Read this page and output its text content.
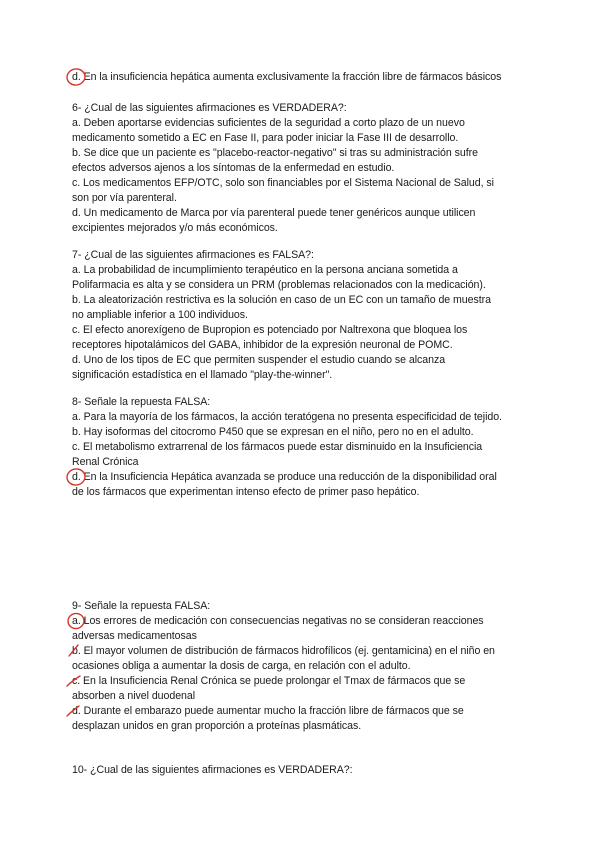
d. En la insuficiencia hepática aumenta exclusivamente la fracción libre de fármacos básicos
6- ¿Cual de las siguientes afirmaciones es VERDADERA?:
a. Deben aportarse evidencias suficientes de la seguridad a corto plazo de un nuevo
medicamento sometido a EC en Fase II, para poder iniciar la Fase III de desarrollo.
b. Se dice que un paciente es "placebo-reactor-negativo" si tras su administración sufre
efectos adversos ajenos a los síntomas de la enfermedad en estudio.
c. Los medicamentos EFP/OTC, solo son financiables por el Sistema Nacional de Salud, si
son por vía parenteral.
d. Un medicamento de Marca por vía parenteral puede tener genéricos aunque utilicen
excipientes mejorados y/o más económicos.
7- ¿Cual de las siguientes afirmaciones es FALSA?:
a. La probabilidad de incumplimiento terapéutico en la persona anciana sometida a
Polifarmacia es alta y se considera un PRM (problemas relacionados con la medicación).
b. La aleatorización restrictiva es la solución en caso de un EC con un tamaño de muestra
no ampliable inferior a 100 individuos.
c. El efecto anorexígeno de Bupropion es potenciado por Naltrexona que bloquea los
receptores hipotalámicos del GABA, inhibidor de la expresión neuronal de POMC.
d. Uno de los tipos de EC que permiten suspender el estudio cuando se alcanza
significación estadística en el llamado "play-the-winner".
8- Señale la repuesta FALSA:
a. Para la mayoría de los fármacos, la acción teratógena no presenta especificidad de tejido.
b. Hay isoformas del citocromo P450 que se expresan en el niño, pero no en el adulto.
c. El metabolismo extrarrenal de los fármacos puede estar disminuido en la Insuficiencia
Renal Crónica
d. En la Insuficiencia Hepática avanzada se produce una reducción de la disponibilidad oral
de los fármacos que experimentan intenso efecto de primer paso hepático.
9- Señale la repuesta FALSA:
a. Los errores de medicación con consecuencias negativas no se consideran reacciones
adversas medicamentosas
b. El mayor volumen de distribución de fármacos hidrofílicos (ej. gentamicina) en el niño en
ocasiones obliga a aumentar la dosis de carga, en relación con el adulto.
c. En la Insuficiencia Renal Crónica se puede prolongar el Tmax de fármacos que se
absorben a nivel duodenal
d. Durante el embarazo puede aumentar mucho la fracción libre de fármacos que se
desplazan unidos en gran proporción a proteínas plasmáticas.
10- ¿Cual de las siguientes afirmaciones es VERDADERA?:
